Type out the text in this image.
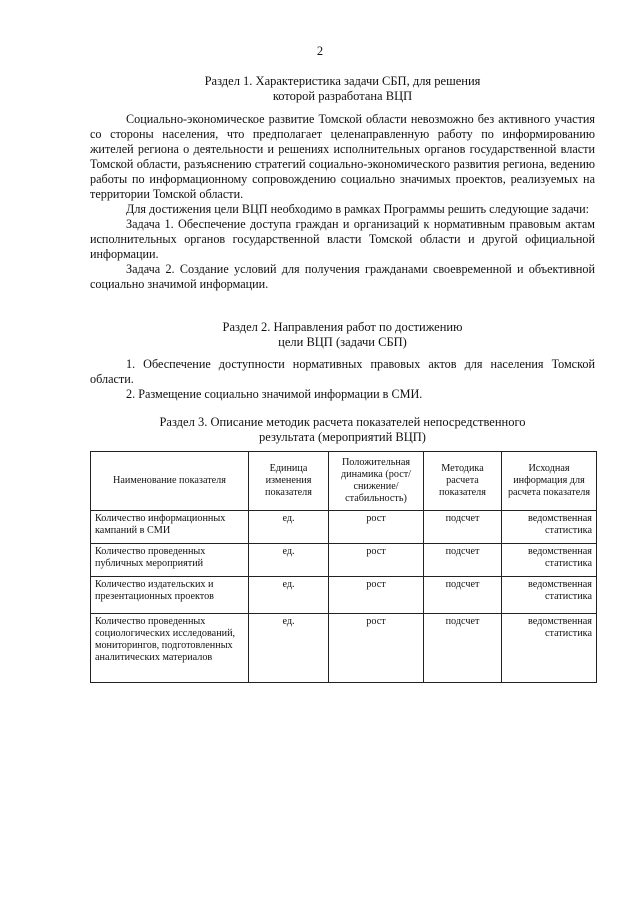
2
Раздел 1. Характеристика задачи СБП, для решения
которой разработана ВЦП

Социально-экономическое развитие Томской области невозможно без активного участия со стороны населения, что предполагает целенаправленную работу по информированию жителей региона о деятельности и решениях исполнительных органов государственной власти Томской области, разъяснению стратегий социально-экономического развития региона, ведению работы по информационному сопровождению социально значимых проектов, реализуемых на территории Томской области.

Для достижения цели ВЦП необходимо в рамках Программы решить следующие задачи:

Задача 1. Обеспечение доступа граждан и организаций к нормативным правовым актам исполнительных органов государственной власти Томской области и другой официальной информации.

Задача 2. Создание условий для получения гражданами своевременной и объективной социально значимой информации.

Раздел 2. Направления работ по достижению
цели ВЦП (задачи СБП)

1. Обеспечение доступности нормативных правовых актов для населения Томской области.

2. Размещение социально значимой информации в СМИ.

Раздел 3. Описание методик расчета показателей непосредственного
результата (мероприятий ВЦП)
Наименование показателя	Единица изменения показателя	Положительная динамика (рост/снижение/ стабильность)	Методика расчета показателя	Исходная информация для расчета показателя
Количество информационных кампаний в СМИ	ед.	рост	подсчет	ведомственная статистика
Количество проведенных публичных мероприятий	ед.	рост	подсчет	ведомственная статистика
Количество издательских и презентационных проектов	ед.	рост	подсчет	ведомственная статистика
Количество проведенных социологических исследований, мониторингов, подготовленных аналитических материалов	ед.	рост	подсчет	ведомственная статистика
